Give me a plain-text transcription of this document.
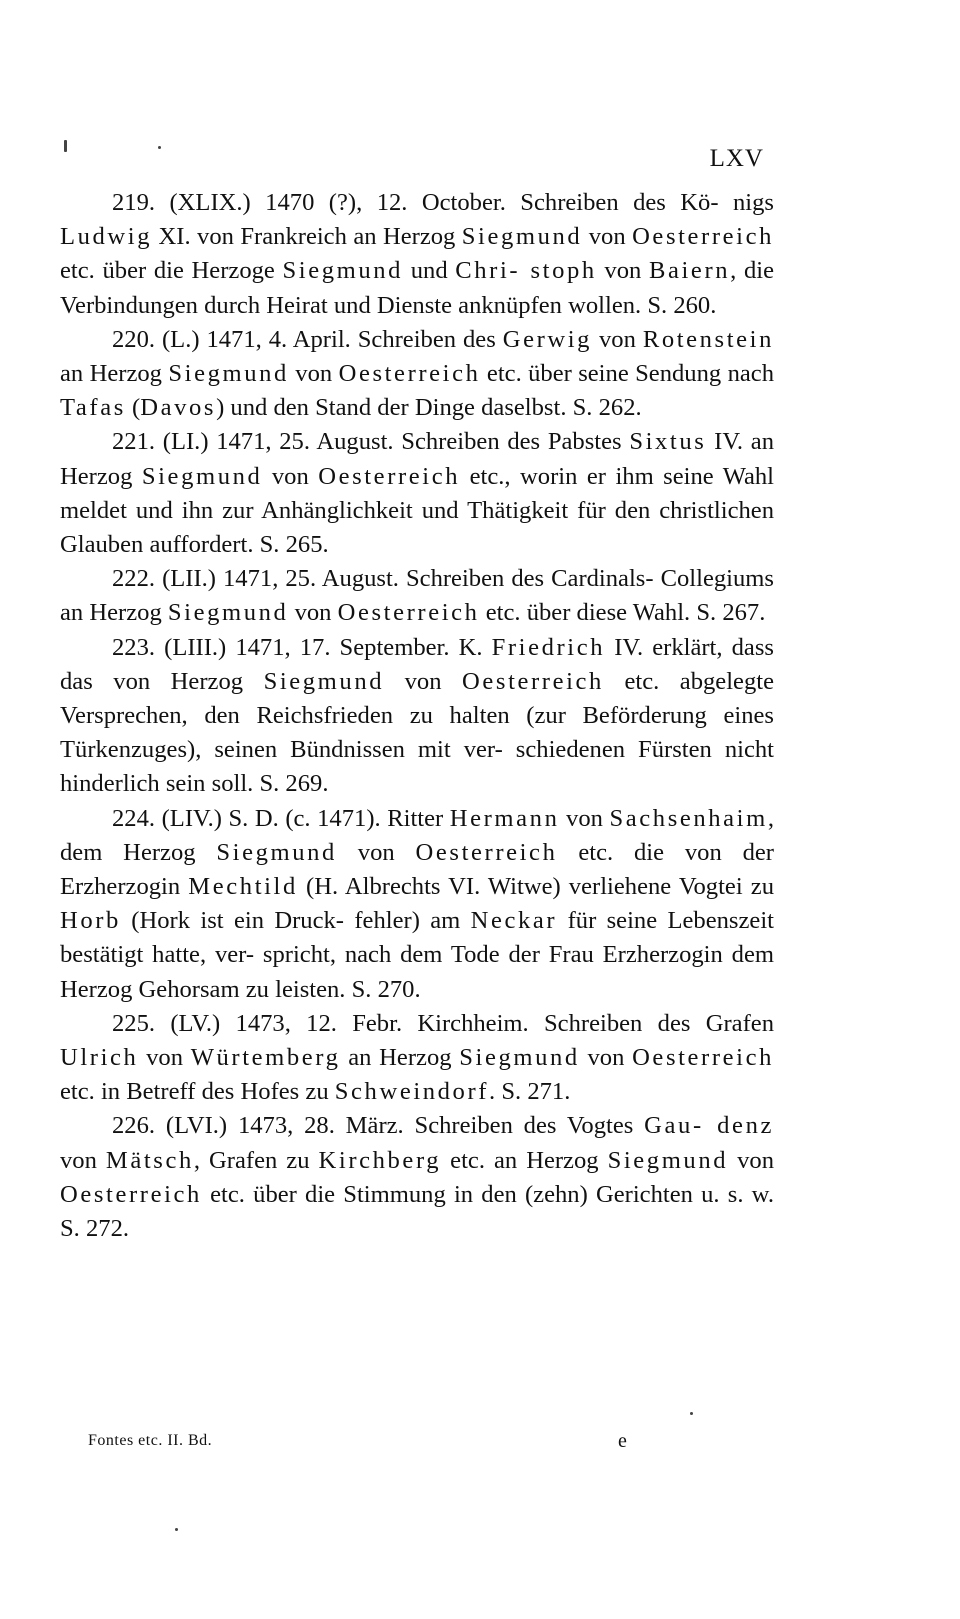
LXV

219. (XLIX.) 1470 (?), 12. October. Schreiben des Kö- nigs Ludwig XI. von Frankreich an Herzog Siegmund von Oesterreich etc. über die Herzoge Siegmund und Chri- stoph von Baiern, die Verbindungen durch Heirat und Dienste anknüpfen wollen. S. 260.

220. (L.) 1471, 4. April. Schreiben des Gerwig von Rotenstein an Herzog Siegmund von Oesterreich etc. über seine Sendung nach Tafas (Davos) und den Stand der Dinge daselbst. S. 262.

221. (LI.) 1471, 25. August. Schreiben des Pabstes Sixtus IV. an Herzog Siegmund von Oesterreich etc., worin er ihm seine Wahl meldet und ihn zur Anhänglichkeit und Thätigkeit für den christlichen Glauben auffordert. S. 265.

222. (LII.) 1471, 25. August. Schreiben des Cardinals- Collegiums an Herzog Siegmund von Oesterreich etc. über diese Wahl. S. 267.

223. (LIII.) 1471, 17. September. K. Friedrich IV. erklärt, dass das von Herzog Siegmund von Oesterreich etc. abgelegte Versprechen, den Reichsfrieden zu halten (zur Beförderung eines Türkenzuges), seinen Bündnissen mit ver- schiedenen Fürsten nicht hinderlich sein soll. S. 269.

224. (LIV.) S. D. (c. 1471). Ritter Hermann von Sachsenhaim, dem Herzog Siegmund von Oesterreich etc. die von der Erzherzogin Mechtild (H. Albrechts VI. Witwe) verliehene Vogtei zu Horb (Hork ist ein Druck- fehler) am Neckar für seine Lebenszeit bestätigt hatte, ver- spricht, nach dem Tode der Frau Erzherzogin dem Herzog Gehorsam zu leisten. S. 270.

225. (LV.) 1473, 12. Febr. Kirchheim. Schreiben des Grafen Ulrich von Würtemberg an Herzog Siegmund von Oesterreich etc. in Betreff des Hofes zu Schweindorf. S. 271.

226. (LVI.) 1473, 28. März. Schreiben des Vogtes Gau- denz von Mätsch, Grafen zu Kirchberg etc. an Herzog Siegmund von Oesterreich etc. über die Stimmung in den (zehn) Gerichten u. s. w. S. 272.

Fontes etc. II. Bd.	e
